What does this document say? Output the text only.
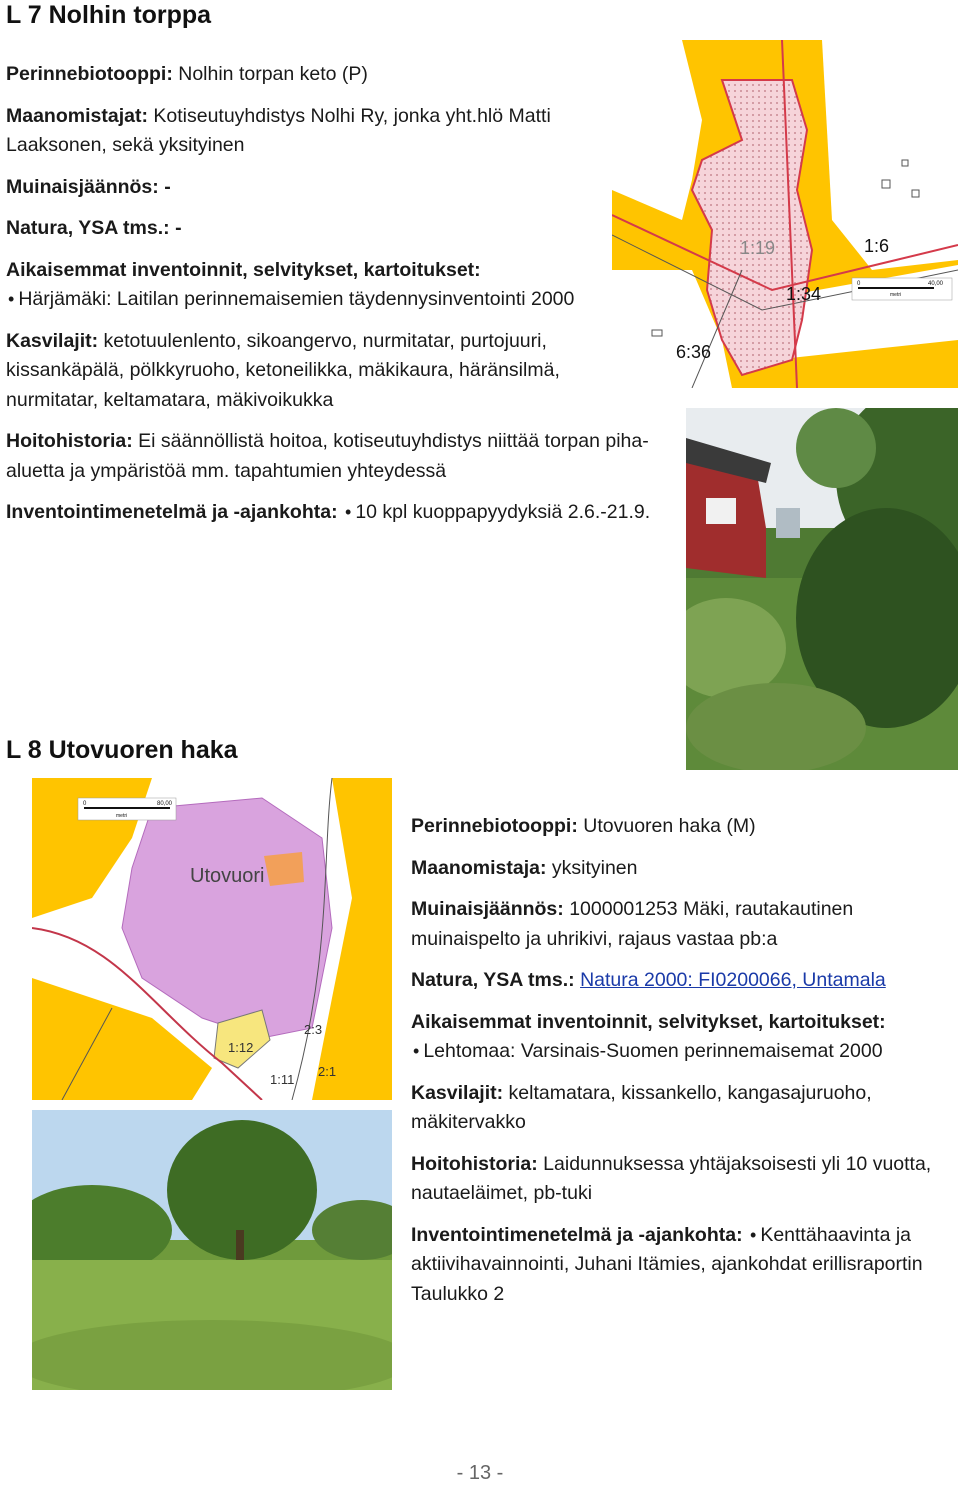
L 7 Nolhin torppa

Perinnebiotooppi: Nolhin torpan keto (P)

Maanomistajat: Kotiseutuyhdistys Nolhi Ry, jonka yht.hlö Matti Laaksonen, sekä yksityinen

Muinaisjäännös: -

Natura, YSA tms.: -

Aikaisemmat inventoinnit, selvitykset, kartoitukset: • Härjämäki: Laitilan perinnemaisemien täydennysinventointi 2000

Kasvilajit: ketotuulenlento, sikoangervo, nurmitatar, purtojuuri, kissankäpälä, pölkkyruoho, ketoneilikka, mäkikaura, häränsilmä, nurmitatar, keltamatara, mäkivoikukka

Hoitohistoria: Ei säännöllistä hoitoa, kotiseutuyhdistys niittää torpan piha-aluetta ja ympäristöä mm. tapahtumien yhteydessä

Inventointimenetelmä ja -ajankohta: • 10 kpl kuoppapyydyksiä 2.6.-21.9.

1:19	1:6
1:34
6:36
0	40,00
metri
L 8 Utovuoren haka
Utovuori
1:12
1:11
2:3
2:1
0	80,00
metri	Perinnebiotooppi: Utovuoren haka (M)

Maanomistaja: yksityinen

Muinaisjäännös: 1000001253 Mäki, rautakautinen muinaispelto ja uhrikivi, rajaus vastaa pb:a

Natura, YSA tms.: Natura 2000: FI0200066, Untamala

Aikaisemmat inventoinnit, selvitykset, kartoitukset: • Lehtomaa: Varsinais-Suomen perinnemaisemat 2000

Kasvilajit: keltamatara, kissankello, kangasajuruoho, mäkitervakko

Hoitohistoria: Laidunnuksessa yhtäjaksoisesti yli 10 vuotta, nautaeläimet, pb-tuki

Inventointimenetelmä ja -ajankohta: • Kenttähaavinta ja aktiivihavainnointi, Juhani Itämies, ajankohdat erillisraportin Taulukko 2

- 13 -
